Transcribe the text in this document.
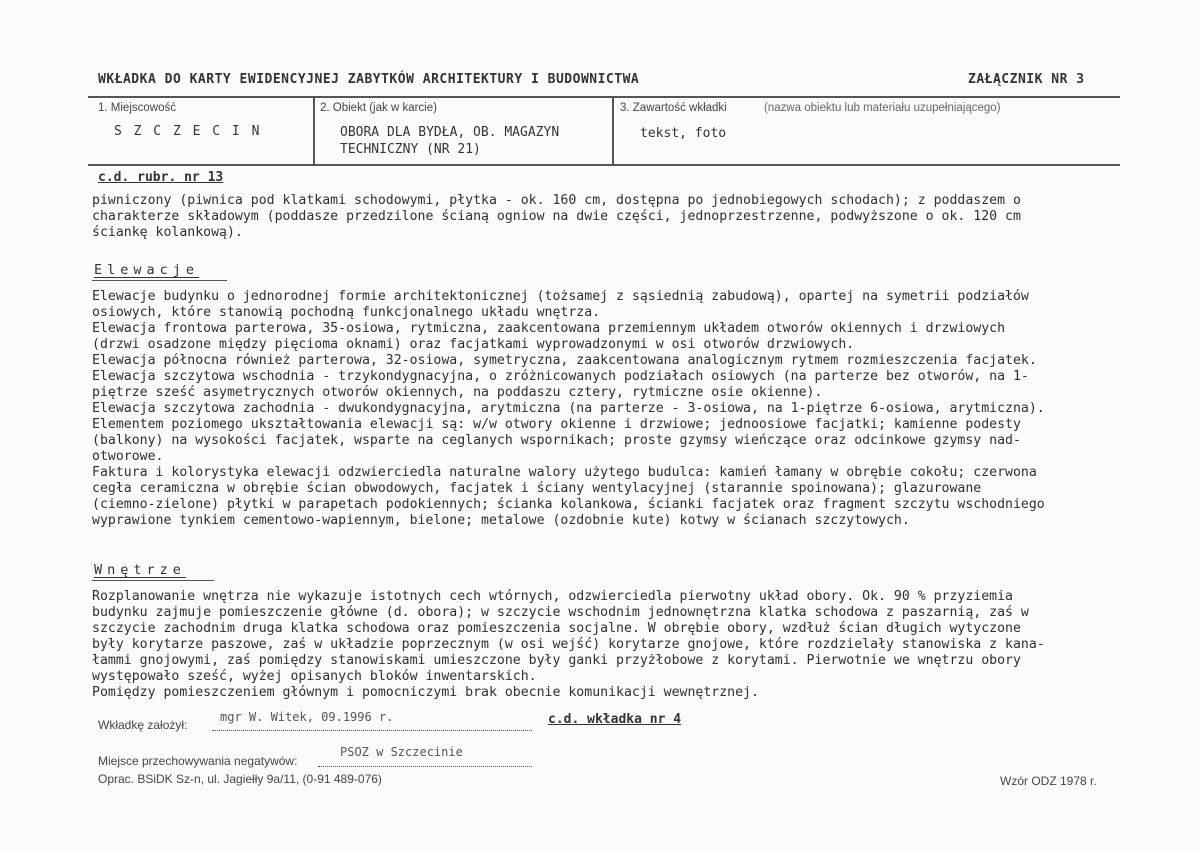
WKŁADKA DO KARTY EWIDENCYJNEJ ZABYTKÓW ARCHITEKTURY I BUDOWNICTWA	ZAŁĄCZNIK NR 3
1. Miejscowość
S Z C Z E C I N
2. Obiekt (jak w karcie)
OBORA DLA BYDŁA, OB. MAGAZYN
TECHNICZNY (NR 21)
3. Zawartość wkładki	(nazwa obiektu lub materiału uzupełniającego)
tekst, foto
c.d. rubr. nr 13
piwniczony (piwnica pod klatkami schodowymi, płytka - ok. 160 cm, dostępna po jednobiegowych schodach); z poddaszem o
charakterze składowym (poddasze przedzilone ścianą ogniow na dwie części, jednoprzestrzenne, podwyższone o ok. 120 cm
ściankę kolankową).
Elewacje
Elewacje budynku o jednorodnej formie architektonicznej (tożsamej z sąsiednią zabudową), opartej na symetrii podziałów
osiowych, które stanowią pochodną funkcjonalnego układu wnętrza.
Elewacja frontowa parterowa, 35-osiowa, rytmiczna, zaakcentowana przemiennym układem otworów okiennych i drzwiowych
(drzwi osadzone między pięcioma oknami) oraz facjatkami wyprowadzonymi w osi otworów drzwiowych.
Elewacja północna również parterowa, 32-osiowa, symetryczna, zaakcentowana analogicznym rytmem rozmieszczenia facjatek.
Elewacja szczytowa wschodnia - trzykondygnacyjna, o zróżnicowanych podziałach osiowych (na parterze bez otworów, na 1-
piętrze sześć asymetrycznych otworów okiennych, na poddaszu cztery, rytmiczne osie okienne).
Elewacja szczytowa zachodnia - dwukondygnacyjna, arytmiczna (na parterze - 3-osiowa, na 1-piętrze 6-osiowa, arytmiczna).
Elementem poziomego ukształtowania elewacji są: w/w otwory okienne i drzwiowe; jednoosiowe facjatki; kamienne podesty
(balkony) na wysokości facjatek, wsparte na ceglanych wspornikach; proste gzymsy wieńczące oraz odcinkowe gzymsy nad-
otworowe.
Faktura i kolorystyka elewacji odzwierciedla naturalne walory użytego budulca: kamień łamany w obrębie cokołu; czerwona
cegła ceramiczna w obrębie ścian obwodowych, facjatek i ściany wentylacyjnej (starannie spoinowana); glazurowane
(ciemno-zielone) płytki w parapetach podokiennych; ścianka kolankowa, ścianki facjatek oraz fragment szczytu wschodniego
wyprawione tynkiem cementowo-wapiennym, bielone; metalowe (ozdobnie kute) kotwy w ścianach szczytowych.
Wnętrze
Rozplanowanie wnętrza nie wykazuje istotnych cech wtórnych, odzwierciedla pierwotny układ obory. Ok. 90 % przyziemia
budynku zajmuje pomieszczenie główne (d. obora); w szczycie wschodnim jednownętrzna klatka schodowa z paszarnią, zaś w
szczycie zachodnim druga klatka schodowa oraz pomieszczenia socjalne. W obrębie obory, wzdłuż ścian długich wytyczone
były korytarze paszowe, zaś w układzie poprzecznym (w osi wejść) korytarze gnojowe, które rozdzielały stanowiska z kana-
łammi gnojowymi, zaś pomiędzy stanowiskami umieszczone były ganki przyżłobowe z korytami. Pierwotnie we wnętrzu obory
występowało sześć, wyżej opisanych bloków inwentarskich.
Pomiędzy pomieszczeniem głównym i pomocniczymi brak obecnie komunikacji wewnętrznej.
Wkładkę założył:
mgr W. Witek, 09.1996 r.	c.d. wkładka nr 4
Miejsce przechowywania negatywów:
PSOZ w Szczecinie
Oprac. BSiDK Sz-n, ul. Jagiełły 9a/11, (0-91 489-076)	Wzór ODZ 1978 r.
